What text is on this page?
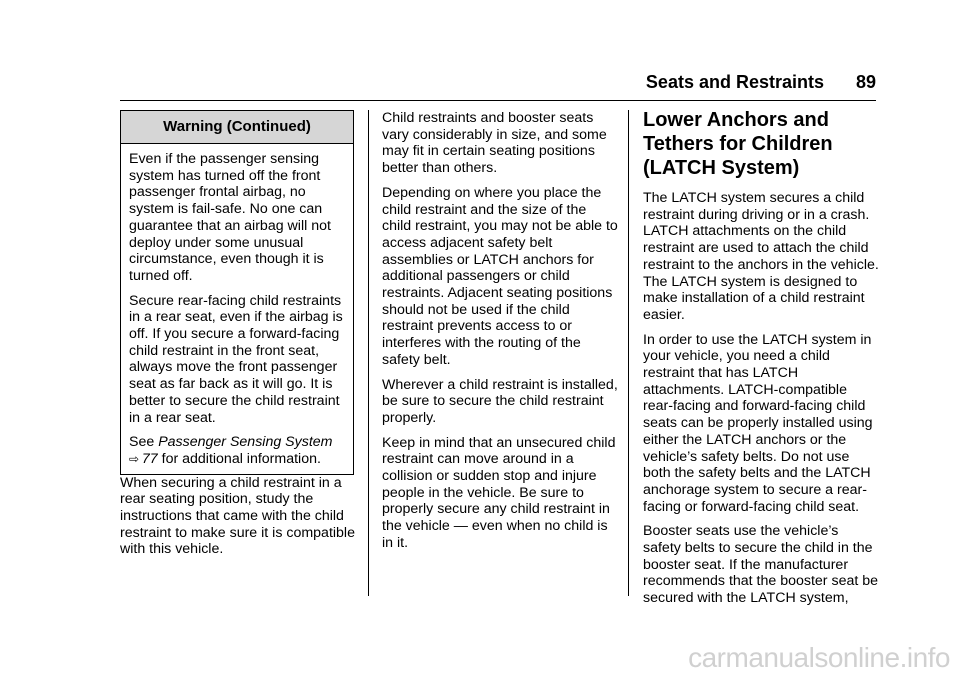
Seats and Restraints 89
Warning (Continued)

Even if the passenger sensing system has turned off the front passenger frontal airbag, no system is fail-safe. No one can guarantee that an airbag will not deploy under some unusual circumstance, even though it is turned off.

Secure rear-facing child restraints in a rear seat, even if the airbag is off. If you secure a forward-facing child restraint in the front seat, always move the front passenger seat as far back as it will go. It is better to secure the child restraint in a rear seat.

See Passenger Sensing System
⇨  77 for additional information.

When securing a child restraint in a rear seating position, study the instructions that came with the child restraint to make sure it is compatible with this vehicle.

Child restraints and booster seats vary considerably in size, and some may fit in certain seating positions better than others.

Depending on where you place the child restraint and the size of the child restraint, you may not be able to access adjacent safety belt assemblies or LATCH anchors for additional passengers or child restraints. Adjacent seating positions should not be used if the child restraint prevents access to or interferes with the routing of the safety belt.

Wherever a child restraint is installed, be sure to secure the child restraint properly.

Keep in mind that an unsecured child restraint can move around in a collision or sudden stop and injure people in the vehicle. Be sure to properly secure any child restraint in the vehicle — even when no child is in it.

Lower Anchors and Tethers for Children (LATCH System)

The LATCH system secures a child restraint during driving or in a crash. LATCH attachments on the child restraint are used to attach the child restraint to the anchors in the vehicle. The LATCH system is designed to make installation of a child restraint easier.

In order to use the LATCH system in your vehicle, you need a child restraint that has LATCH attachments. LATCH-compatible rear-facing and forward-facing child seats can be properly installed using either the LATCH anchors or the vehicle’s safety belts. Do not use both the safety belts and the LATCH anchorage system to secure a rear-facing or forward-facing child seat.

Booster seats use the vehicle’s safety belts to secure the child in the booster seat. If the manufacturer recommends that the booster seat be secured with the LATCH system,

carmanualsonline.info
